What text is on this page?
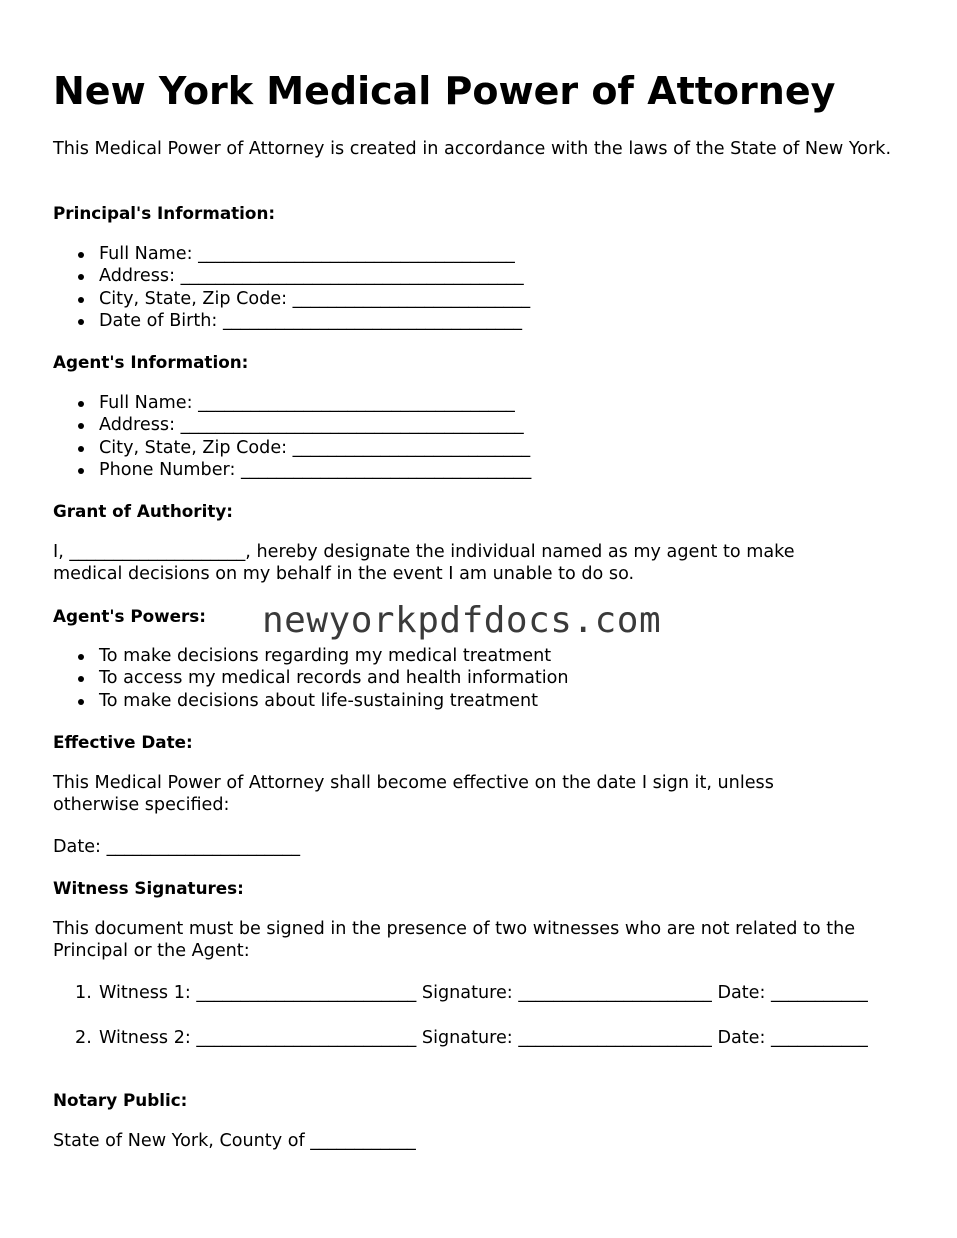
New York Medical Power of Attorney

This Medical Power of Attorney is created in accordance with the laws of the State of New York.

Principal's Information:

Full Name: ____________________________________
Address: _______________________________________
City, State, Zip Code: ___________________________
Date of Birth: __________________________________

Agent's Information:

Full Name: ____________________________________
Address: _______________________________________
City, State, Zip Code: ___________________________
Phone Number: _________________________________

Grant of Authority:

I, ____________________, hereby designate the individual named as my agent to make medical decisions on my behalf in the event I am unable to do so.

Agent's Powers:

To make decisions regarding my medical treatment
To access my medical records and health information
To make decisions about life-sustaining treatment

Effective Date:

This Medical Power of Attorney shall become effective on the date I sign it, unless otherwise specified:

Date: ______________________

Witness Signatures:

This document must be signed in the presence of two witnesses who are not related to the Principal or the Agent:

1. Witness 1: _________________________ Signature: ______________________ Date: ___________
2. Witness 2: _________________________ Signature: ______________________ Date: ___________

Notary Public:

State of New York, County of ____________

newyorkpdfdocs.com
